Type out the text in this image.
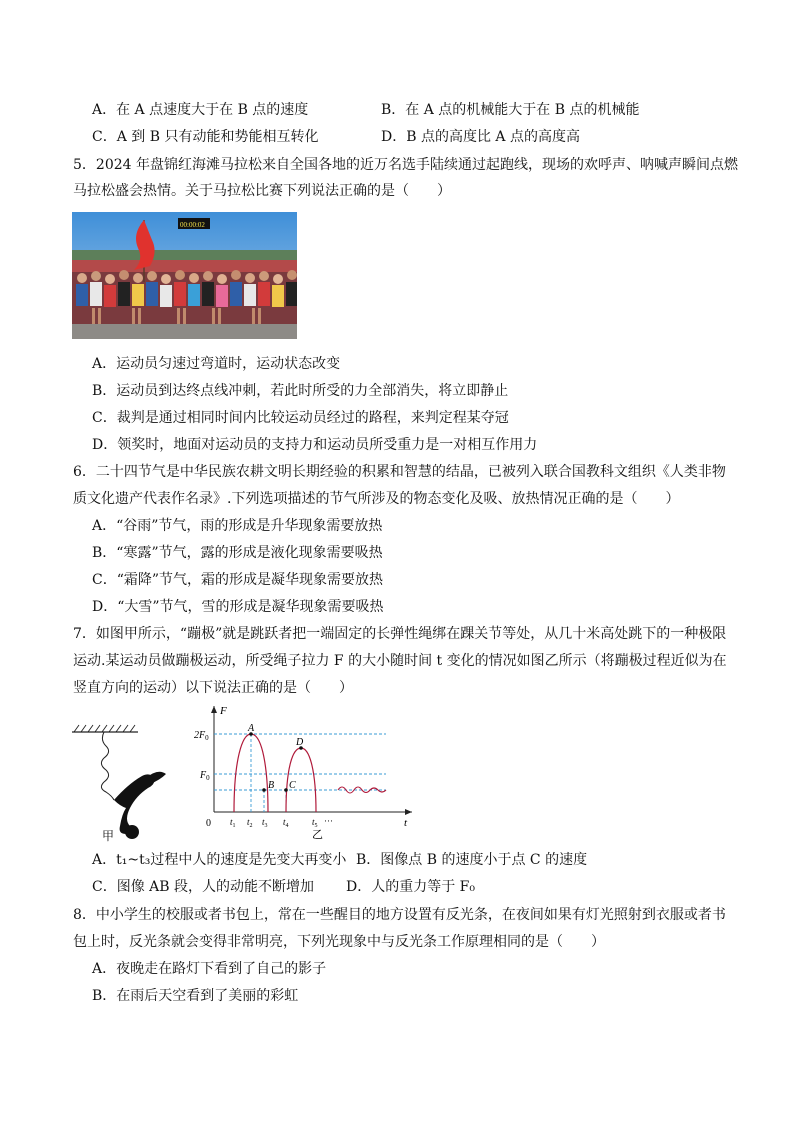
A．在 A 点速度大于在 B 点的速度	B．在 A 点的机械能大于在 B 点的机械能
C．A 到 B 只有动能和势能相互转化	D．B 点的高度比 A 点的高度高
5．2024 年盘锦红海滩马拉松来自全国各地的近万名选手陆续通过起跑线，现场的欢呼声、呐喊声瞬间点燃
马拉松盛会热情。关于马拉松比赛下列说法正确的是（　　）
00:00:02
A．运动员匀速过弯道时，运动状态改变
B．运动员到达终点线冲刺，若此时所受的力全部消失，将立即静止
C．裁判是通过相同时间内比较运动员经过的路程，来判定程某夺冠
D．领奖时，地面对运动员的支持力和运动员所受重力是一对相互作用力
6．二十四节气是中华民族农耕文明长期经验的积累和智慧的结晶，已被列入联合国教科文组织《人类非物
质文化遗产代表作名录》.下列选项描述的节气所涉及的物态变化及吸、放热情况正确的是（　　）
A．“谷雨”节气，雨的形成是升华现象需要放热
B．“寒露”节气，露的形成是液化现象需要吸热
C．“霜降”节气，霜的形成是凝华现象需要放热
D．“大雪”节气，雪的形成是凝华现象需要吸热
7．如图甲所示，“蹦极”就是跳跃者把一端固定的长弹性绳绑在踝关节等处，从几十米高处跳下的一种极限
运动.某运动员做蹦极运动，所受绳子拉力 F 的大小随时间 t 变化的情况如图乙所示（将蹦极过程近似为在
竖直方向的运动）以下说法正确的是（　　）
甲
F
t
0
$2F_0$
$F_0$
A
B C
D
$t_1$ $t_2$ $t_3$ $t_4$	$t_5$ ···
乙
A．t₁~t₃过程中人的速度是先变大再变小 B．图像点 B 的速度小于点 C 的速度
C．图像 AB 段，人的动能不断增加 D．人的重力等于 F₀
8．中小学生的校服或者书包上，常在一些醒目的地方设置有反光条，在夜间如果有灯光照射到衣服或者书
包上时，反光条就会变得非常明亮，下列光现象中与反光条工作原理相同的是（　　）
A．夜晚走在路灯下看到了自己的影子
B．在雨后天空看到了美丽的彩虹
